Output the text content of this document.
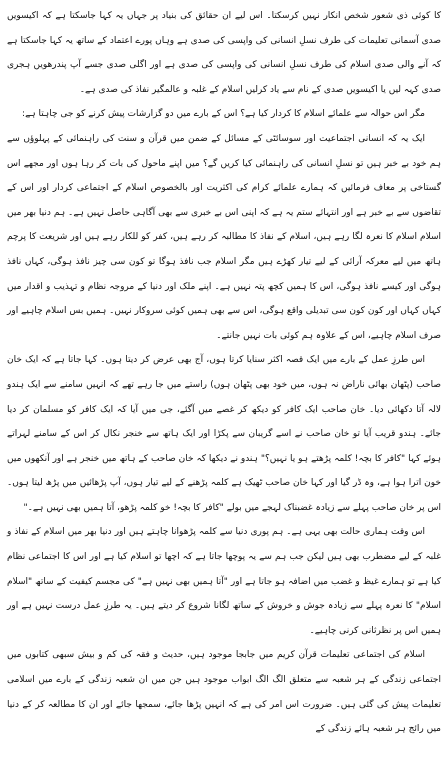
کا کوئی ذی شعور شخص انکار نہیں کرسکتا۔ اس لیے ان حقائق کی بنیاد پر جہاں یہ کہا جاسکتا ہے کہ اکیسویں صدی آسمانی تعلیمات کی طرف نسلِ انسانی کی واپسی کی صدی ہے وہاں پورے اعتماد کے ساتھ یہ کہا جاسکتا ہے کہ آنے والی صدی اسلام کی طرف نسلِ انسانی کی واپسی کی صدی ہے اور اگلی صدی جسے آپ پندرھویں ہجری صدی کہہ لیں یا اکیسویں صدی کے نام سے یاد کرلیں اسلام کے غلبہ و عالمگیر نفاذ کی صدی ہے۔

مگر اس حوالہ سے علمائے اسلام کا کردار کیا ہے؟ اس کے بارے میں دو گزارشات پیش کرنے کو جی چاہتا ہے:

ایک یہ کہ انسانی اجتماعیت اور سوسائٹی کے مسائل کے ضمن میں قرآن و سنت کی راہنمائی کے پہلوؤں سے ہم خود بے خبر ہیں تو نسلِ انسانی کی راہنمائی کیا کریں گے؟ میں اپنے ماحول کی بات کر رہا ہوں اور مجھے اس گستاخی پر معاف فرمائیں کہ ہمارے علمائے کرام کی اکثریت اور بالخصوص اسلام کے اجتماعی کردار اور اس کے تقاضوں سے بے خبر ہے اور انتہائے ستم یہ ہے کہ اپنی اس بے خبری سے بھی آگاہی حاصل نہیں ہے۔ ہم دنیا بھر میں اسلام اسلام کا نعرہ لگا رہے ہیں، اسلام کے نفاذ کا مطالبہ کر رہے ہیں، کفر کو للکار رہے ہیں اور شریعت کا پرچم ہاتھ میں لیے معرکہ آرائی کے لیے تیار کھڑے ہیں مگر اسلام جب نافذ ہوگا تو کون سی چیز نافذ ہوگی، کہاں نافذ ہوگی اور کیسے نافذ ہوگی، اس کا ہمیں کچھ پتہ نہیں ہے۔ اپنے ملک اور دنیا کے مروجہ نظام و تہذیب و اقدار میں کہاں کہاں اور کون کون سی تبدیلی واقع ہوگی، اس سے بھی ہمیں کوئی سروکار نہیں۔ ہمیں بس اسلام چاہیے اور صرف اسلام چاہیے، اس کے علاوہ ہم کوئی بات نہیں جانتے۔

اس طرزِ عمل کے بارے میں ایک قصہ اکثر سنایا کرتا ہوں، آج بھی عرض کر دیتا ہوں۔ کہا جاتا ہے کہ ایک خان صاحب (پٹھان بھائی ناراض نہ ہوں، میں خود بھی پٹھان ہوں) راستے میں جا رہے تھے کہ انہیں سامنے سے ایک ہندو لالہ آتا دکھائی دیا۔ خان صاحب ایک کافر کو دیکھ کر غصے میں آگئے، جی میں آیا کہ ایک کافر کو مسلمان کر دیا جائے۔ ہندو قریب آیا تو خان صاحب نے اسے گریبان سے پکڑا اور ایک ہاتھ سے خنجر نکال کر اس کے سامنے لہراتے ہوئے کہا "کافر کا بچہ! کلمہ پڑھتے ہو یا نہیں؟" ہندو نے دیکھا کہ خان صاحب کے ہاتھ میں خنجر ہے اور آنکھوں میں خون اترا ہوا ہے، وہ ڈر گیا اور کہا خان صاحب ٹھیک ہے کلمہ پڑھنے کے لیے تیار ہوں، آپ پڑھائیں میں پڑھ لیتا ہوں۔ اس پر خان صاحب پہلے سے زیادہ غضبناک لہجے میں بولے "کافر کا بچہ! خو کلمہ پڑھو، آتا ہمیں بھی نہیں ہے۔"

اس وقت ہماری حالت بھی یہی ہے۔ ہم پوری دنیا سے کلمہ پڑھوانا چاہتے ہیں اور دنیا بھر میں اسلام کے نفاذ و غلبہ کے لیے مضطرب بھی ہیں لیکن جب ہم سے یہ پوچھا جاتا ہے کہ اچھا تو اسلام کیا ہے اور اس کا اجتماعی نظام کیا ہے تو ہمارے غیظ و غضب میں اضافہ ہو جاتا ہے اور "آتا ہمیں بھی نہیں ہے" کی مجسم کیفیت کے ساتھ "اسلام اسلام" کا نعرہ پہلے سے زیادہ جوش و خروش کے ساتھ لگانا شروع کر دیتے ہیں۔ یہ طرزِ عمل درست نہیں ہے اور ہمیں اس پر نظرثانی کرنی چاہیے۔

اسلام کی اجتماعی تعلیمات قرآن کریم میں جابجا موجود ہیں، حدیث و فقہ کی کم و بیش سبھی کتابوں میں اجتماعی زندگی کے ہر شعبہ سے متعلق الگ الگ ابواب موجود ہیں جن میں ان شعبہ زندگی کے بارے میں اسلامی تعلیمات پیش کی گئی ہیں۔ ضرورت اس امر کی ہے کہ انہیں پڑھا جائے، سمجھا جائے اور ان کا مطالعہ کر کے دنیا میں رائج ہر شعبہ ہائے زندگی کے
